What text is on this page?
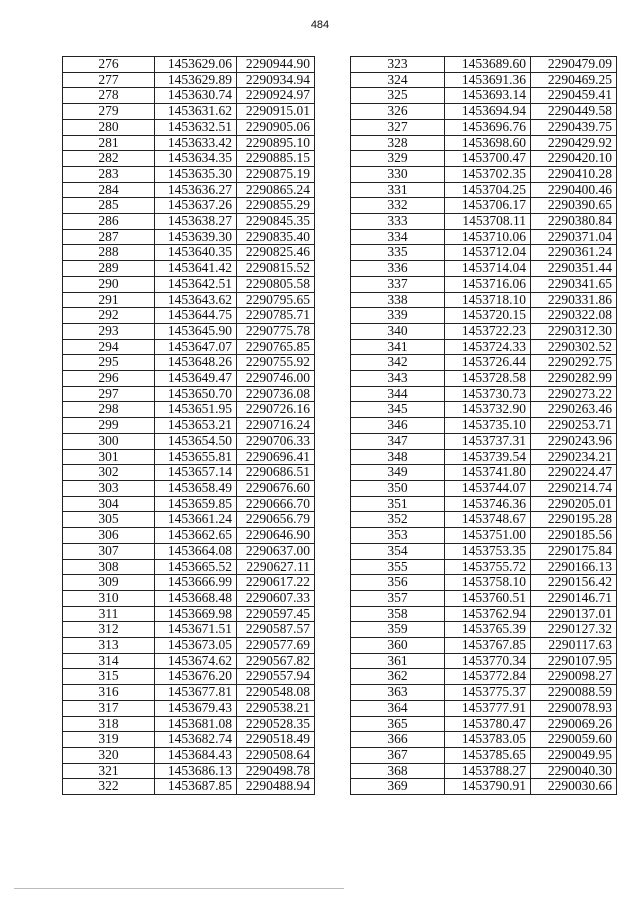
484
276	1453629.06	2290944.90
277	1453629.89	2290934.94
278	1453630.74	2290924.97
279	1453631.62	2290915.01
280	1453632.51	2290905.06
281	1453633.42	2290895.10
282	1453634.35	2290885.15
283	1453635.30	2290875.19
284	1453636.27	2290865.24
285	1453637.26	2290855.29
286	1453638.27	2290845.35
287	1453639.30	2290835.40
288	1453640.35	2290825.46
289	1453641.42	2290815.52
290	1453642.51	2290805.58
291	1453643.62	2290795.65
292	1453644.75	2290785.71
293	1453645.90	2290775.78
294	1453647.07	2290765.85
295	1453648.26	2290755.92
296	1453649.47	2290746.00
297	1453650.70	2290736.08
298	1453651.95	2290726.16
299	1453653.21	2290716.24
300	1453654.50	2290706.33
301	1453655.81	2290696.41
302	1453657.14	2290686.51
303	1453658.49	2290676.60
304	1453659.85	2290666.70
305	1453661.24	2290656.79
306	1453662.65	2290646.90
307	1453664.08	2290637.00
308	1453665.52	2290627.11
309	1453666.99	2290617.22
310	1453668.48	2290607.33
311	1453669.98	2290597.45
312	1453671.51	2290587.57
313	1453673.05	2290577.69
314	1453674.62	2290567.82
315	1453676.20	2290557.94
316	1453677.81	2290548.08
317	1453679.43	2290538.21
318	1453681.08	2290528.35
319	1453682.74	2290518.49
320	1453684.43	2290508.64
321	1453686.13	2290498.78
322	1453687.85	2290488.94
323	1453689.60	2290479.09
324	1453691.36	2290469.25
325	1453693.14	2290459.41
326	1453694.94	2290449.58
327	1453696.76	2290439.75
328	1453698.60	2290429.92
329	1453700.47	2290420.10
330	1453702.35	2290410.28
331	1453704.25	2290400.46
332	1453706.17	2290390.65
333	1453708.11	2290380.84
334	1453710.06	2290371.04
335	1453712.04	2290361.24
336	1453714.04	2290351.44
337	1453716.06	2290341.65
338	1453718.10	2290331.86
339	1453720.15	2290322.08
340	1453722.23	2290312.30
341	1453724.33	2290302.52
342	1453726.44	2290292.75
343	1453728.58	2290282.99
344	1453730.73	2290273.22
345	1453732.90	2290263.46
346	1453735.10	2290253.71
347	1453737.31	2290243.96
348	1453739.54	2290234.21
349	1453741.80	2290224.47
350	1453744.07	2290214.74
351	1453746.36	2290205.01
352	1453748.67	2290195.28
353	1453751.00	2290185.56
354	1453753.35	2290175.84
355	1453755.72	2290166.13
356	1453758.10	2290156.42
357	1453760.51	2290146.71
358	1453762.94	2290137.01
359	1453765.39	2290127.32
360	1453767.85	2290117.63
361	1453770.34	2290107.95
362	1453772.84	2290098.27
363	1453775.37	2290088.59
364	1453777.91	2290078.93
365	1453780.47	2290069.26
366	1453783.05	2290059.60
367	1453785.65	2290049.95
368	1453788.27	2290040.30
369	1453790.91	2290030.66
